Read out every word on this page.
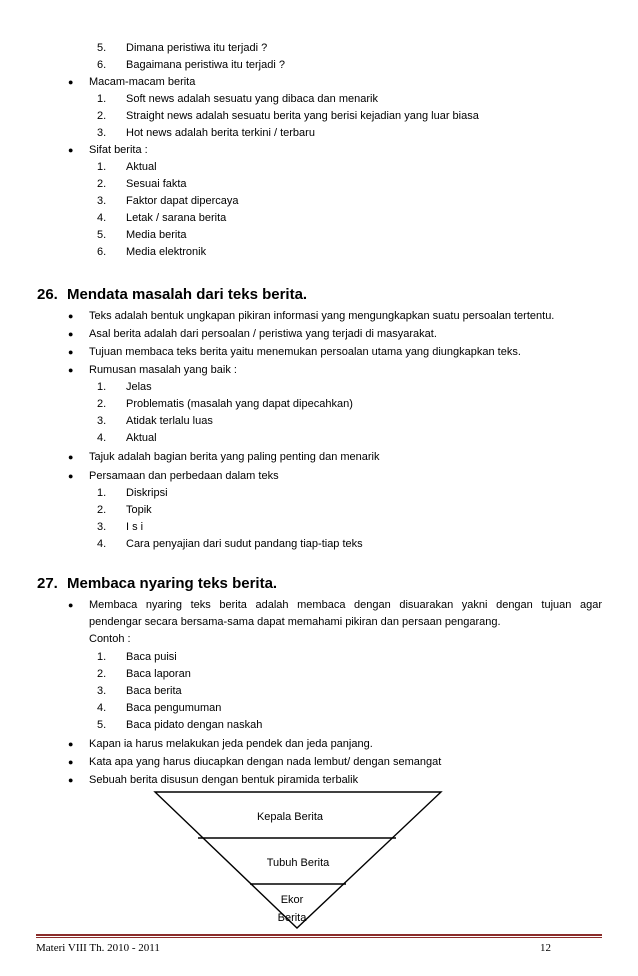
5. Dimana peristiwa itu terjadi ?
6. Bagaimana peristiwa itu terjadi ?
● Macam-macam berita
1. Soft news adalah sesuatu yang dibaca dan menarik
2. Straight news adalah sesuatu berita yang berisi kejadian yang luar biasa
3. Hot news adalah berita terkini / terbaru
● Sifat berita :
1. Aktual
2. Sesuai fakta
3. Faktor dapat dipercaya
4. Letak / sarana berita
5. Media berita
6. Media elektronik
26. Mendata masalah dari teks berita.
● Teks adalah bentuk ungkapan pikiran informasi yang mengungkapkan suatu persoalan tertentu.
● Asal berita adalah dari persoalan / peristiwa yang terjadi di masyarakat.
● Tujuan membaca teks berita yaitu menemukan persoalan utama yang diungkapkan teks.
● Rumusan masalah yang baik :
1. Jelas
2. Problematis (masalah yang dapat dipecahkan)
3. Atidak terlalu luas
4. Aktual
● Tajuk adalah bagian berita yang paling penting dan menarik
● Persamaan dan perbedaan dalam teks
1. Diskripsi
2. Topik
3. I s i
4. Cara penyajian dari sudut pandang tiap-tiap teks
27. Membaca nyaring teks berita.
● Membaca nyaring teks berita adalah membaca dengan disuarakan yakni dengan tujuan agar
pendengar secara bersama-sama dapat memahami pikiran dan persaan pengarang.
Contoh :
1. Baca puisi
2. Baca laporan
3. Baca berita
4. Baca pengumuman
5. Baca pidato dengan naskah
● Kapan ia harus melakukan jeda pendek dan jeda panjang.
● Kata apa yang harus diucapkan dengan nada lembut/ dengan semangat
● Sebuah berita disusun dengan bentuk piramida terbalik
Kepala Berita
Tubuh Berita
Ekor
Berita
Materi VIII Th. 2010 - 2011	12
